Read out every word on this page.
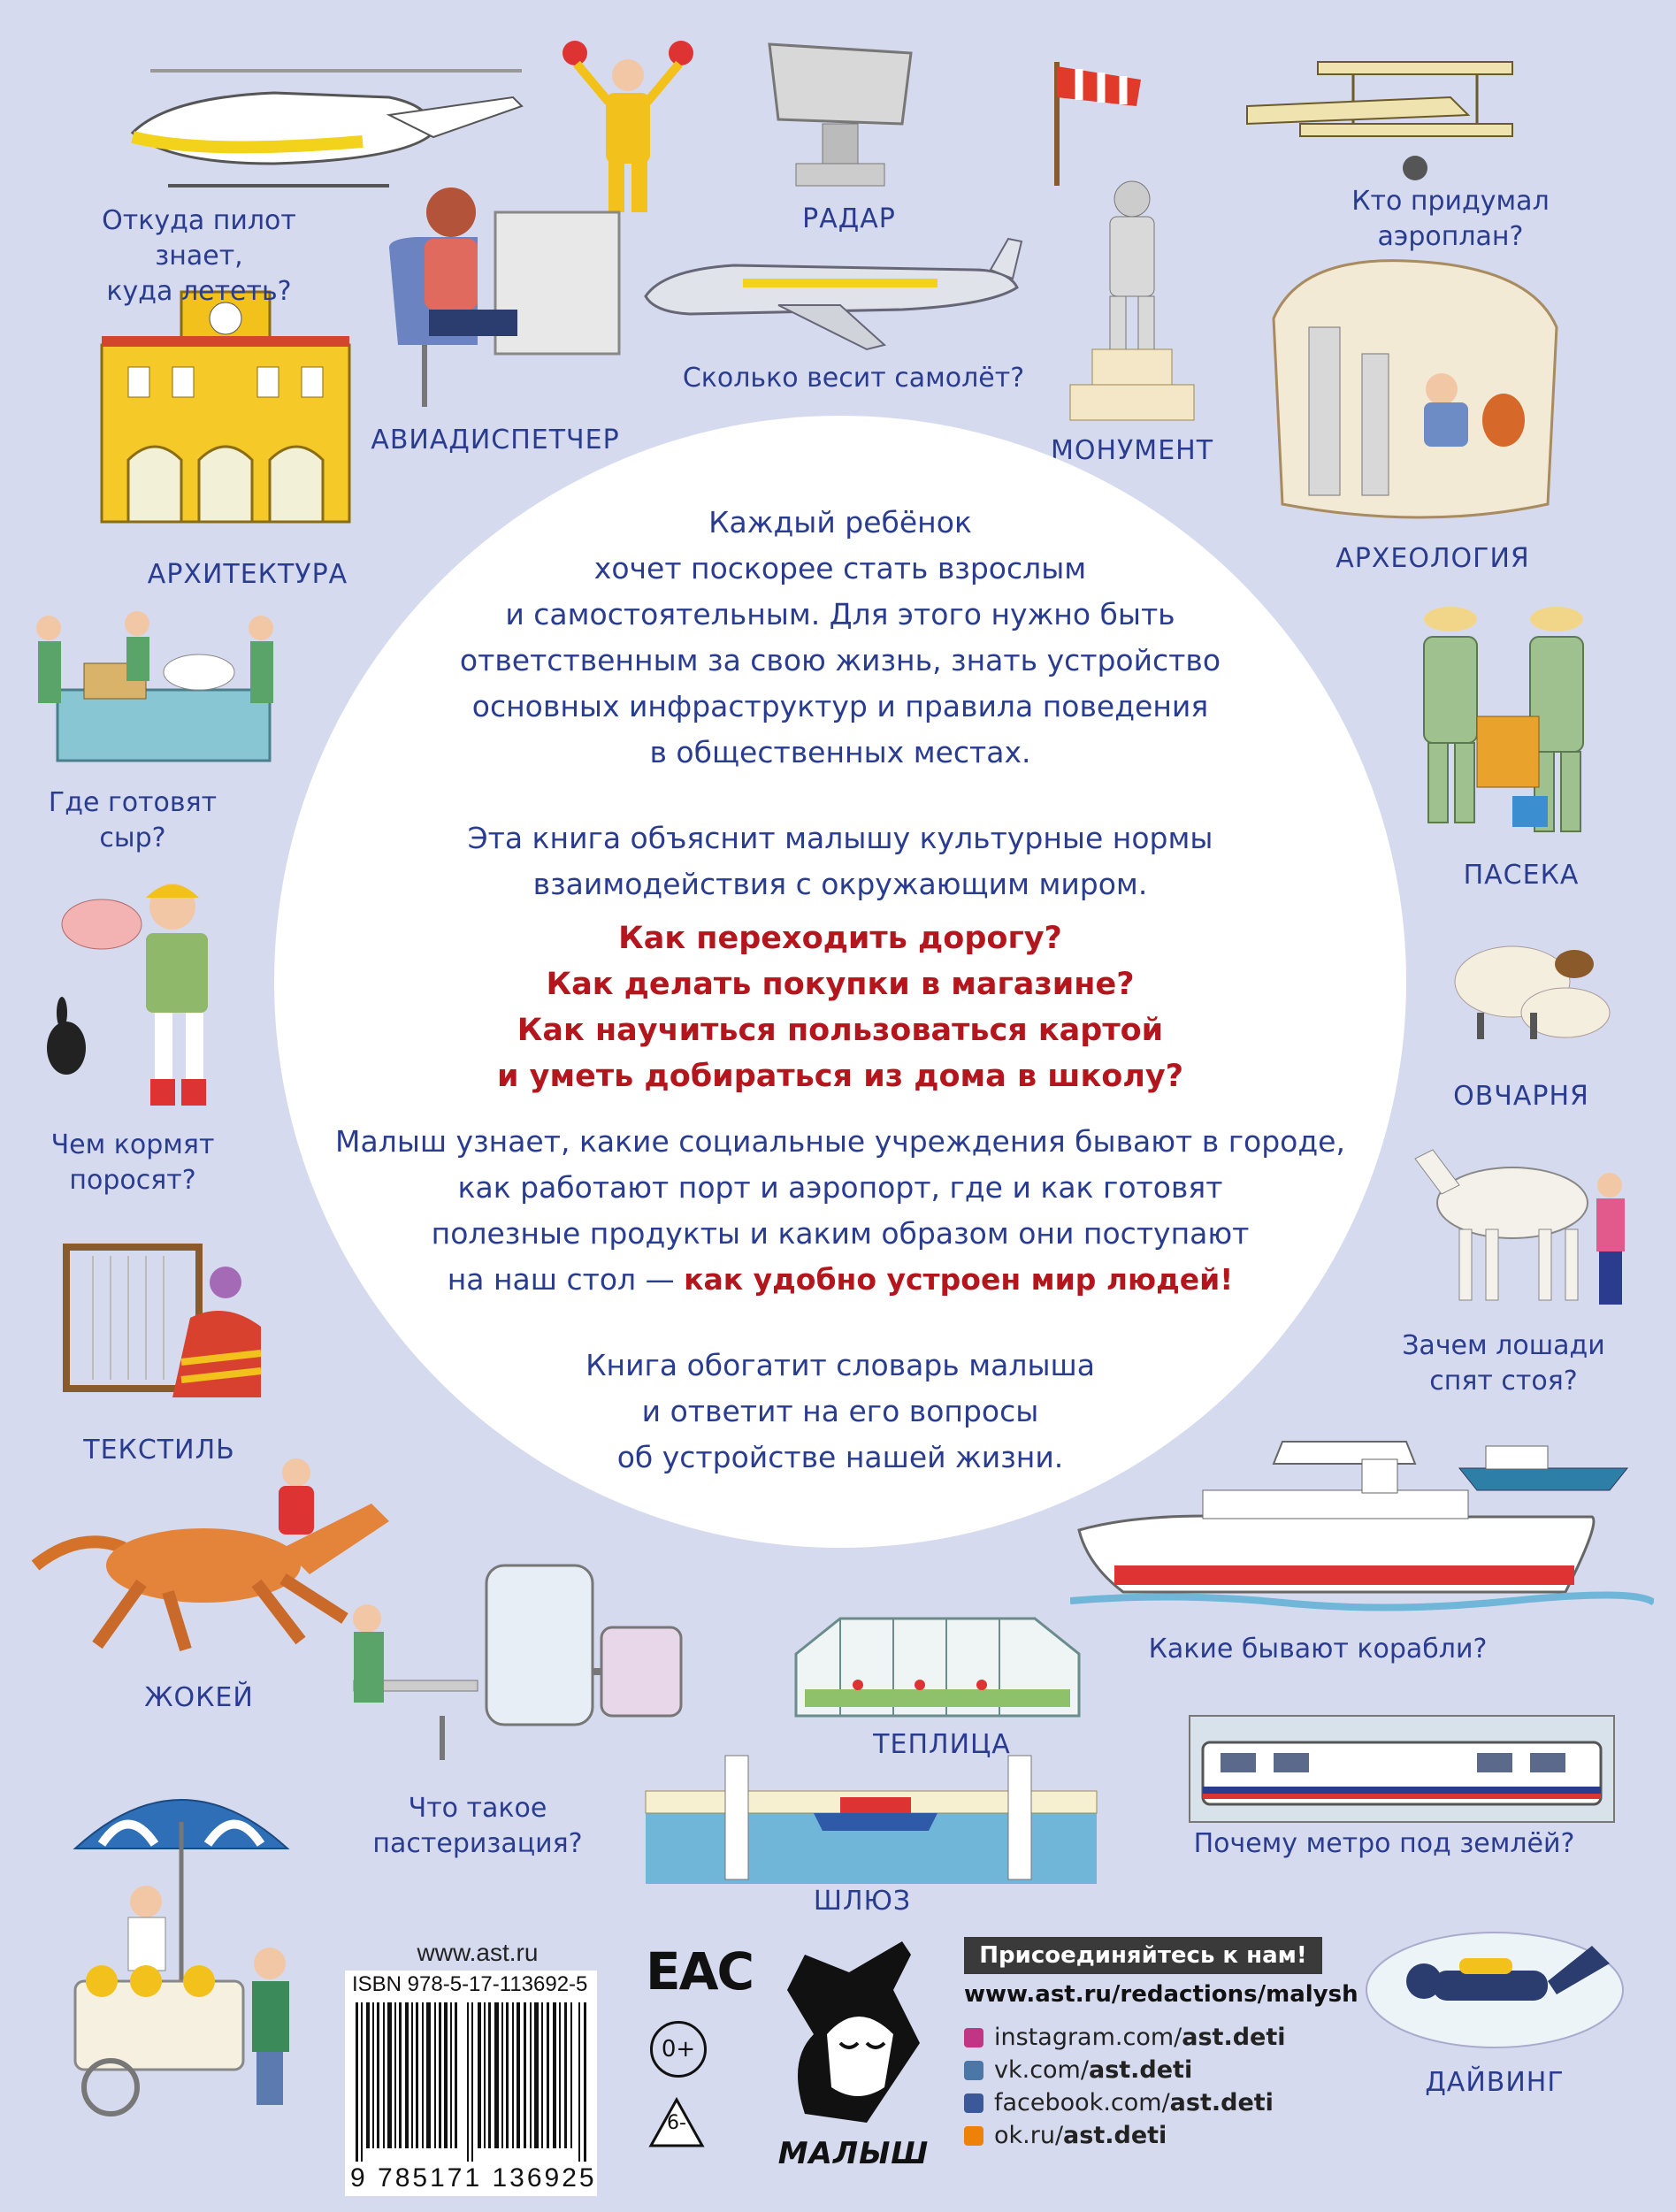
Откуда пилот знает,
куда лететь?
РАДАР
Кто придумал
аэроплан?
Сколько весит самолёт?
АВИАДИСПЕТЧЕР	МОНУМЕНТ
АРХИТЕКТУРА
АРХЕОЛОГИЯ
Где готовят
сыр?
ПАСЕКА
Чем кормят
поросят?
ОВЧАРНЯ
Зачем лошади
спят стоя?
ТЕКСТИЛЬ
ЖОКЕЙ
Какие бывают корабли?
ТЕПЛИЦА
Что такое
пастеризация?	Почему метро под землёй?
ШЛЮЗ
ДАЙВИНГ
Каждый ребёнок
хочет поскорее стать взрослым
и самостоятельным. Для этого нужно быть
ответственным за свою жизнь, знать устройство
основных инфраструктур и правила поведения
в общественных местах.
Эта книга объяснит малышу культурные нормы
взаимодействия с окружающим миром.
Как переходить дорогу?
Как делать покупки в магазине?
Как научиться пользоваться картой
и уметь добираться из дома в школу?
Малыш узнает, какие социальные учреждения бывают в городе,
как работают порт и аэропорт, где и как готовят
полезные продукты и каким образом они поступают
на наш стол — как удобно устроен мир людей!
Книга обогатит словарь малыша
и ответит на его вопросы
об устройстве нашей жизни.
www.ast.ru
ISBN 978-5-17-113692-5
9 785171 136925
EAC
0+
6-
МАЛЫШ
Присоединяйтесь к нам!
www.ast.ru/redactions/malysh
instagram.com/ast.deti
vk.com/ast.deti
facebook.com/ast.deti
ok.ru/ast.deti
